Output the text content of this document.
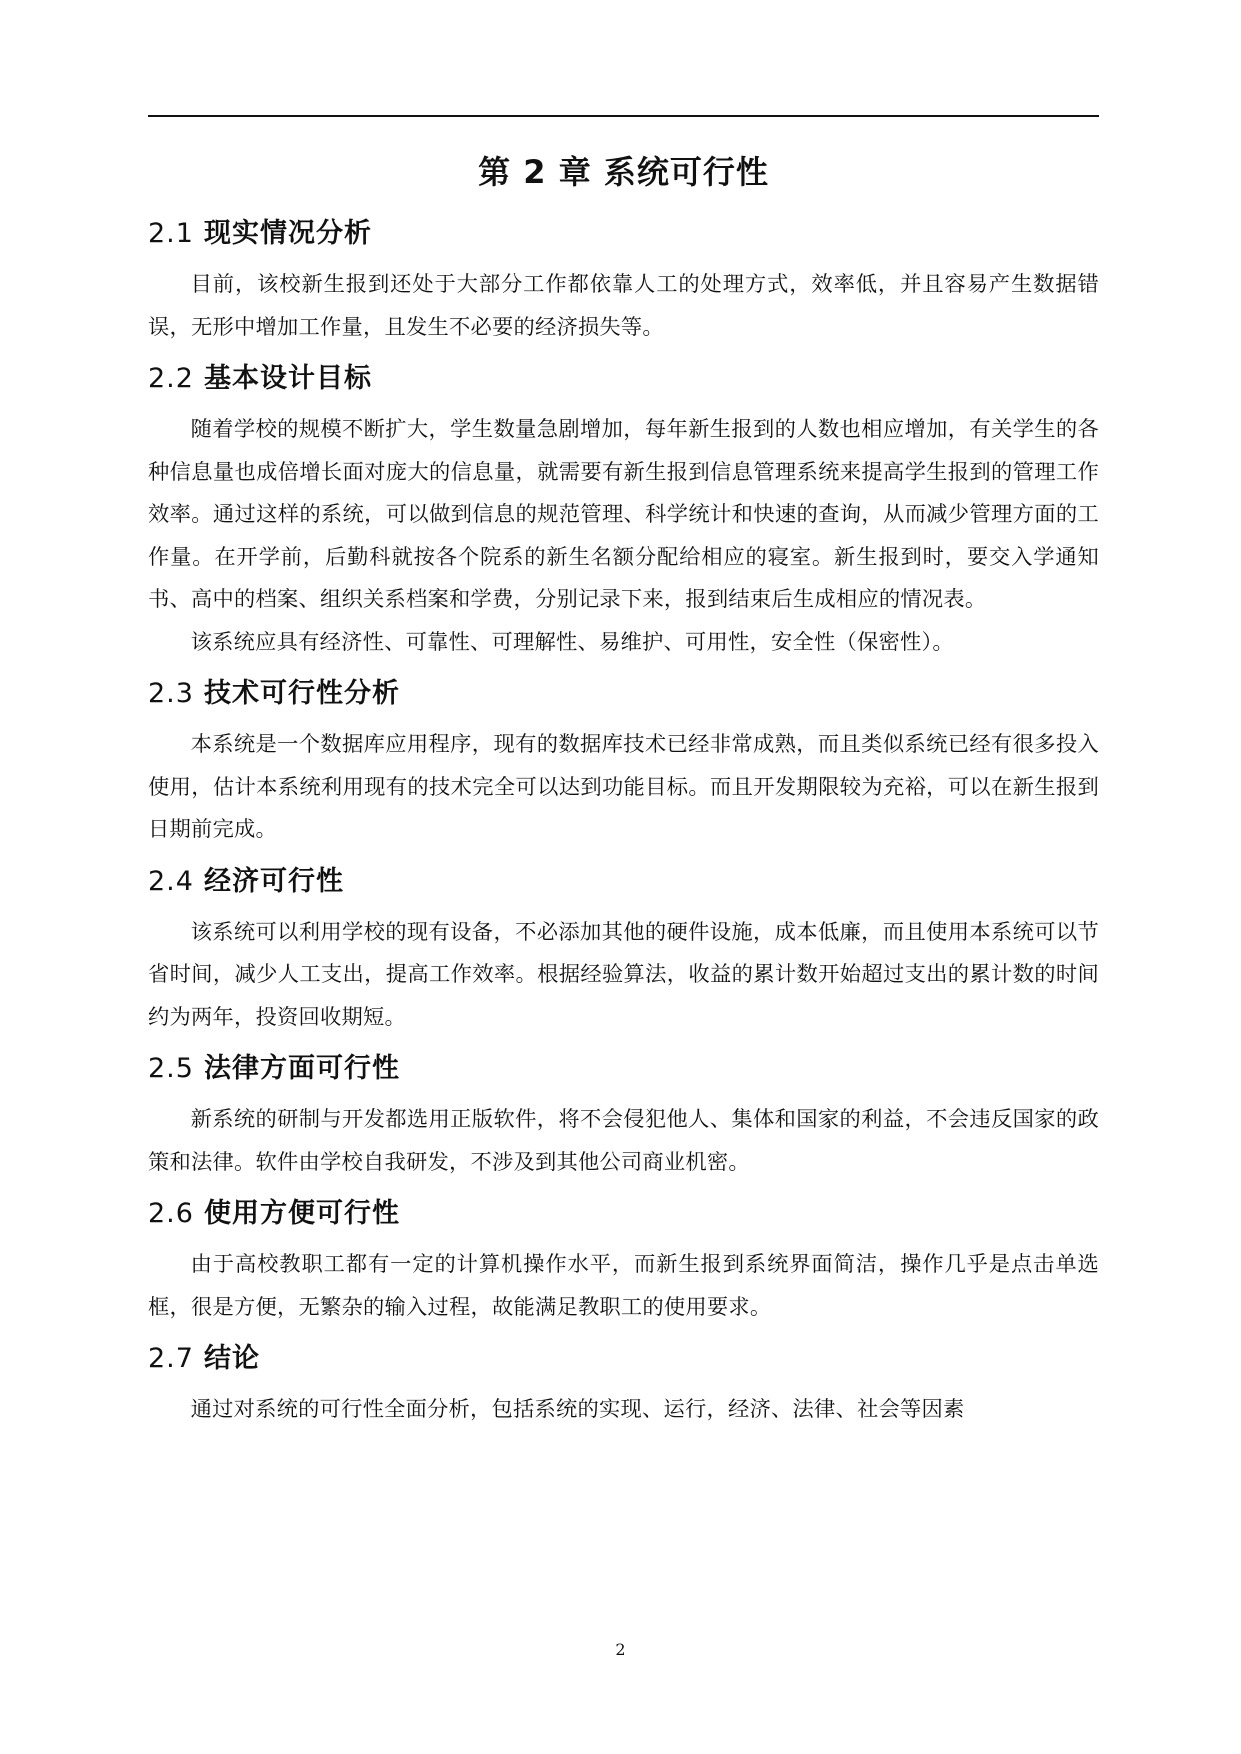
第 2 章 系统可行性
2.1 现实情况分析

目前，该校新生报到还处于大部分工作都依靠人工的处理方式，效率低，并且容易产生数据错误，无形中增加工作量，且发生不必要的经济损失等。

2.2 基本设计目标

随着学校的规模不断扩大，学生数量急剧增加，每年新生报到的人数也相应增加，有关学生的各种信息量也成倍增长面对庞大的信息量，就需要有新生报到信息管理系统来提高学生报到的管理工作效率。通过这样的系统，可以做到信息的规范管理、科学统计和快速的查询，从而减少管理方面的工作量。在开学前，后勤科就按各个院系的新生名额分配给相应的寝室。新生报到时，要交入学通知书、高中的档案、组织关系档案和学费，分别记录下来，报到结束后生成相应的情况表。

该系统应具有经济性、可靠性、可理解性、易维护、可用性，安全性（保密性）。

2.3 技术可行性分析

本系统是一个数据库应用程序，现有的数据库技术已经非常成熟，而且类似系统已经有很多投入使用，估计本系统利用现有的技术完全可以达到功能目标。而且开发期限较为充裕，可以在新生报到日期前完成。

2.4 经济可行性

该系统可以利用学校的现有设备，不必添加其他的硬件设施，成本低廉，而且使用本系统可以节省时间，减少人工支出，提高工作效率。根据经验算法，收益的累计数开始超过支出的累计数的时间约为两年，投资回收期短。

2.5 法律方面可行性

新系统的研制与开发都选用正版软件，将不会侵犯他人、集体和国家的利益，不会违反国家的政策和法律。软件由学校自我研发，不涉及到其他公司商业机密。

2.6 使用方便可行性

由于高校教职工都有一定的计算机操作水平，而新生报到系统界面简洁，操作几乎是点击单选框，很是方便，无繁杂的输入过程，故能满足教职工的使用要求。

2.7 结论

通过对系统的可行性全面分析，包括系统的实现、运行，经济、法律、社会等因素

2
